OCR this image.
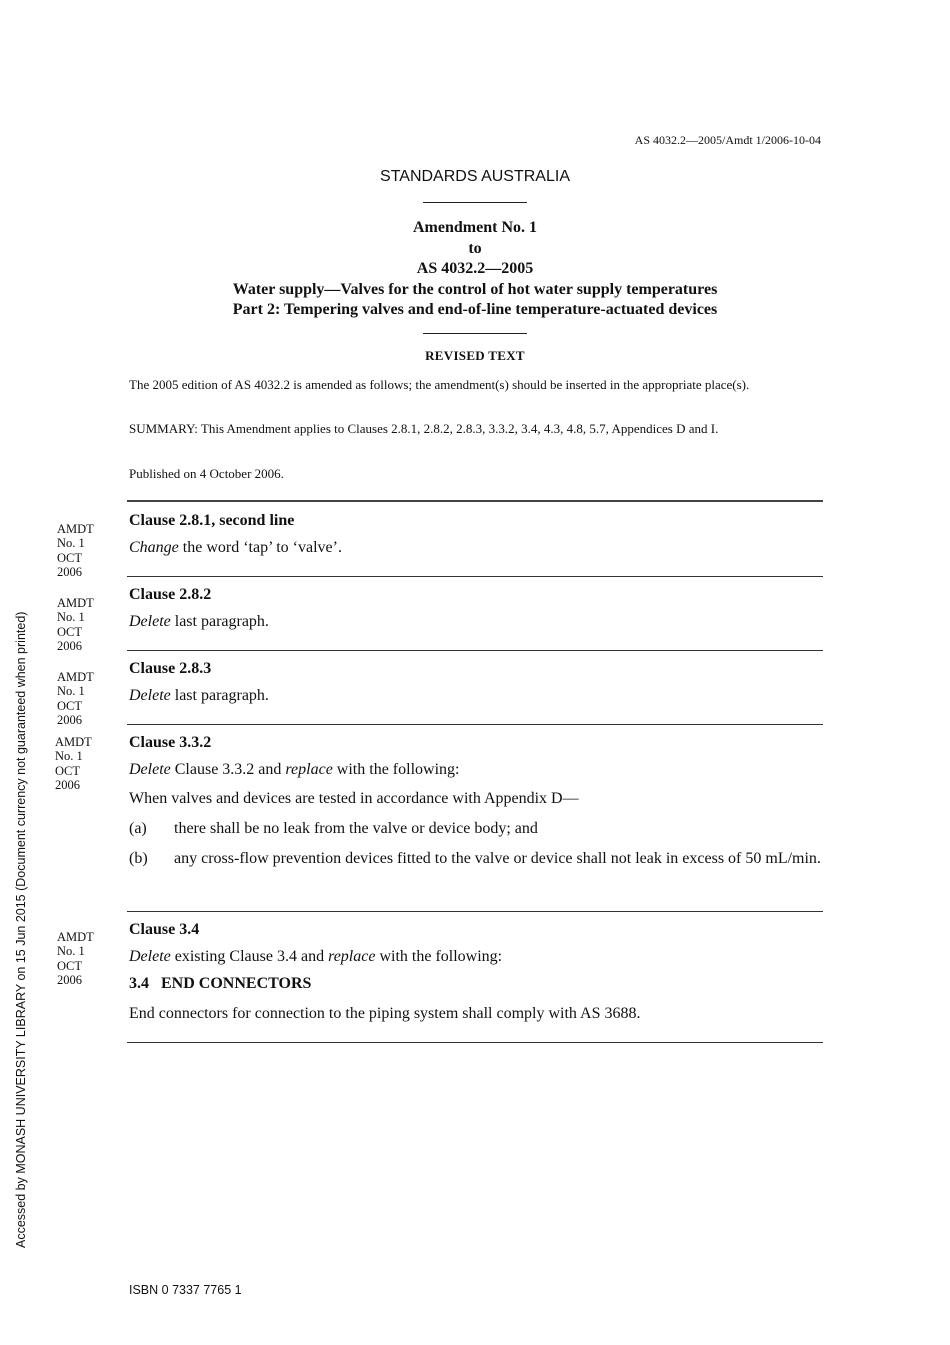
AS 4032.2—2005/Amdt 1/2006-10-04
STANDARDS AUSTRALIA
Amendment No. 1
to
AS 4032.2—2005
Water supply—Valves for the control of hot water supply temperatures
Part 2: Tempering valves and end-of-line temperature-actuated devices
REVISED TEXT
The 2005 edition of AS 4032.2 is amended as follows; the amendment(s) should be inserted in the appropriate place(s).
SUMMARY: This Amendment applies to Clauses 2.8.1, 2.8.2, 2.8.3, 3.3.2, 3.4, 4.3, 4.8, 5.7, Appendices D and I.
Published on 4 October 2006.
AMDT
No. 1
OCT
2006
Clause 2.8.1, second line
Change the word ‘tap’ to ‘valve’.
AMDT
No. 1
OCT
2006
Clause 2.8.2
Delete last paragraph.
AMDT
No. 1
OCT
2006
Clause 2.8.3
Delete last paragraph.
AMDT
No. 1
OCT
2006
Clause 3.3.2
Delete Clause 3.3.2 and replace with the following:
When valves and devices are tested in accordance with Appendix D—
(a)	there shall be no leak from the valve or device body; and
(b)	any cross-flow prevention devices fitted to the valve or device shall not leak in excess of 50 mL/min.
AMDT
No. 1
OCT
2006
Clause 3.4
Delete existing Clause 3.4 and replace with the following:
3.4   END CONNECTORS
End connectors for connection to the piping system shall comply with AS 3688.
Accessed by MONASH UNIVERSITY LIBRARY on 15 Jun 2015 (Document currency not guaranteed when printed)
ISBN 0 7337 7765 1
